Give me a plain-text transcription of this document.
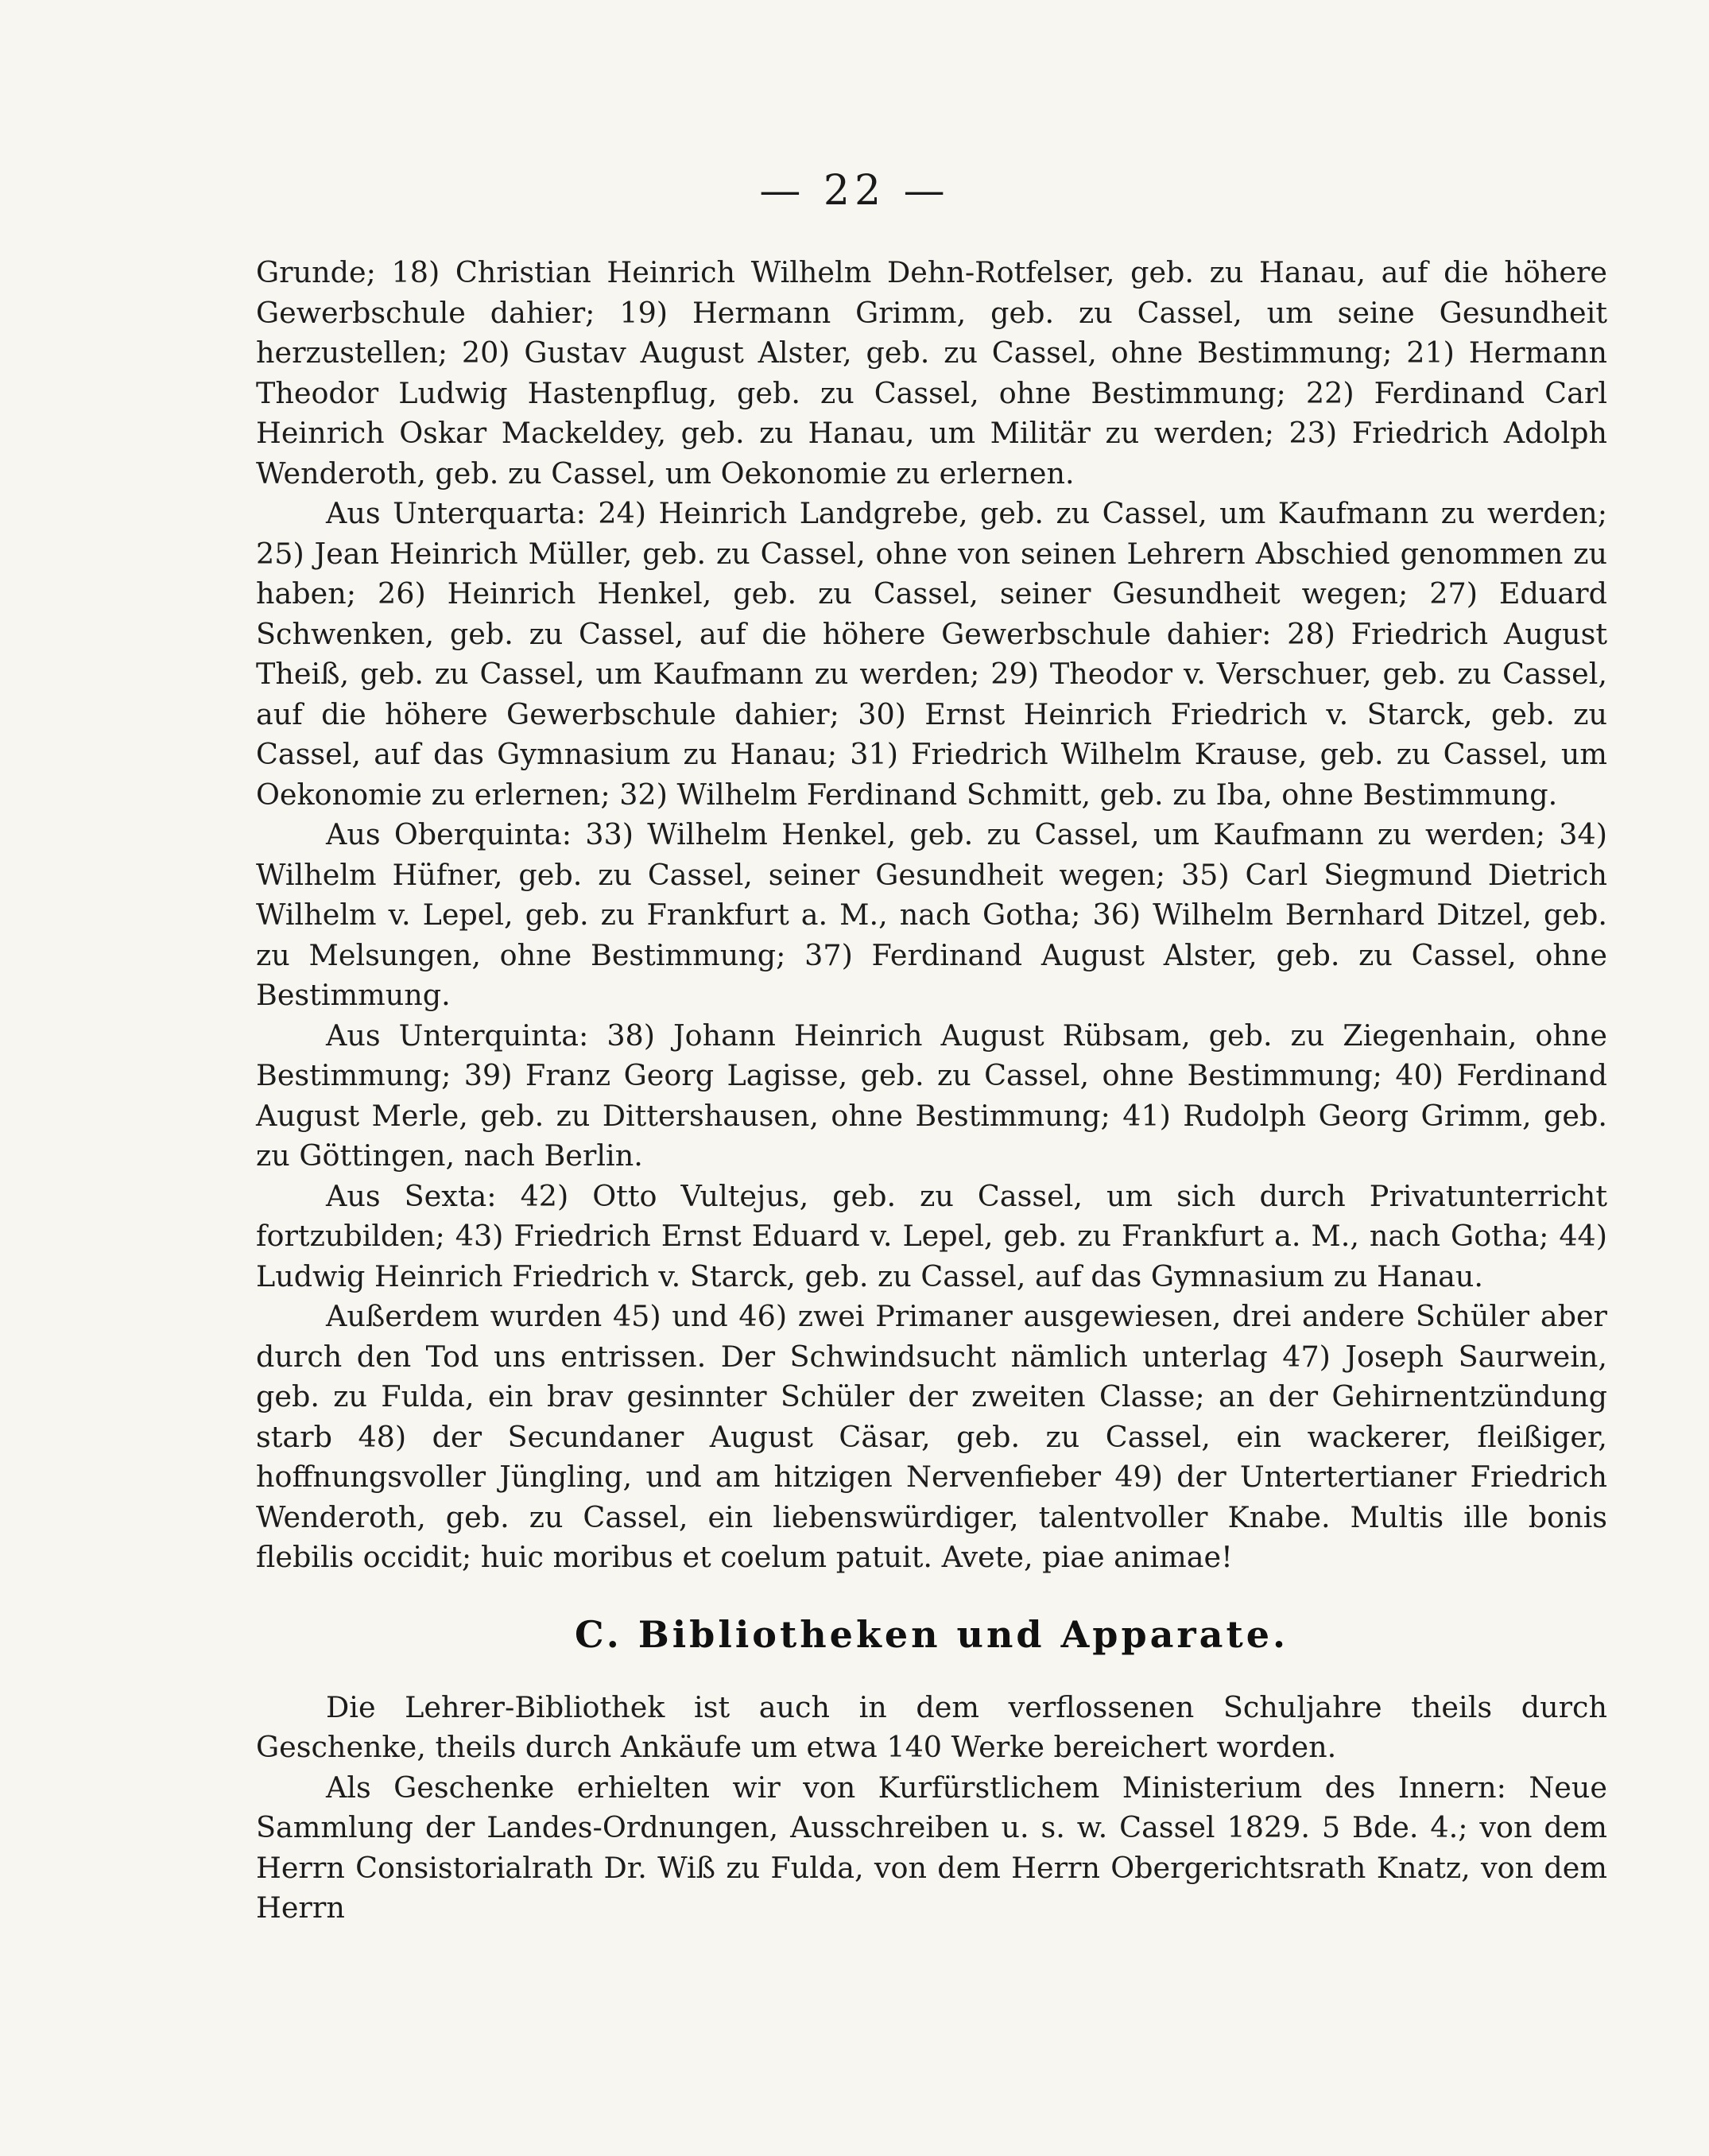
— 22 —

Grunde; 18) Christian Heinrich Wilhelm Dehn-Rotfelser, geb. zu Hanau, auf die höhere Gewerbschule dahier; 19) Hermann Grimm, geb. zu Cassel, um seine Gesundheit herzustellen; 20) Gustav August Alster, geb. zu Cassel, ohne Bestimmung; 21) Hermann Theodor Ludwig Hastenpflug, geb. zu Cassel, ohne Bestimmung; 22) Ferdinand Carl Heinrich Oskar Mackeldey, geb. zu Hanau, um Militär zu werden; 23) Friedrich Adolph Wenderoth, geb. zu Cassel, um Oekonomie zu erlernen.

Aus Unterquarta: 24) Heinrich Landgrebe, geb. zu Cassel, um Kaufmann zu werden; 25) Jean Heinrich Müller, geb. zu Cassel, ohne von seinen Lehrern Abschied genommen zu haben; 26) Heinrich Henkel, geb. zu Cassel, seiner Gesundheit wegen; 27) Eduard Schwenken, geb. zu Cassel, auf die höhere Gewerbschule dahier: 28) Friedrich August Theiß, geb. zu Cassel, um Kaufmann zu werden; 29) Theodor v. Verschuer, geb. zu Cassel, auf die höhere Gewerbschule dahier; 30) Ernst Heinrich Friedrich v. Starck, geb. zu Cassel, auf das Gymnasium zu Hanau; 31) Friedrich Wilhelm Krause, geb. zu Cassel, um Oekonomie zu erlernen; 32) Wilhelm Ferdinand Schmitt, geb. zu Iba, ohne Bestimmung.

Aus Oberquinta: 33) Wilhelm Henkel, geb. zu Cassel, um Kaufmann zu werden; 34) Wilhelm Hüfner, geb. zu Cassel, seiner Gesundheit wegen; 35) Carl Siegmund Dietrich Wilhelm v. Lepel, geb. zu Frankfurt a. M., nach Gotha; 36) Wilhelm Bernhard Ditzel, geb. zu Melsungen, ohne Bestimmung; 37) Ferdinand August Alster, geb. zu Cassel, ohne Bestimmung.

Aus Unterquinta: 38) Johann Heinrich August Rübsam, geb. zu Ziegenhain, ohne Bestimmung; 39) Franz Georg Lagisse, geb. zu Cassel, ohne Bestimmung; 40) Ferdinand August Merle, geb. zu Dittershausen, ohne Bestimmung; 41) Rudolph Georg Grimm, geb. zu Göttingen, nach Berlin.

Aus Sexta: 42) Otto Vultejus, geb. zu Cassel, um sich durch Privatunterricht fortzubilden; 43) Friedrich Ernst Eduard v. Lepel, geb. zu Frankfurt a. M., nach Gotha; 44) Ludwig Heinrich Friedrich v. Starck, geb. zu Cassel, auf das Gymnasium zu Hanau.

Außerdem wurden 45) und 46) zwei Primaner ausgewiesen, drei andere Schüler aber durch den Tod uns entrissen. Der Schwindsucht nämlich unterlag 47) Joseph Saurwein, geb. zu Fulda, ein brav gesinnter Schüler der zweiten Classe; an der Gehirnentzündung starb 48) der Secundaner August Cäsar, geb. zu Cassel, ein wackerer, fleißiger, hoffnungsvoller Jüngling, und am hitzigen Nervenfieber 49) der Untertertianer Friedrich Wenderoth, geb. zu Cassel, ein liebenswürdiger, talentvoller Knabe. Multis ille bonis flebilis occidit; huic moribus et coelum patuit. Avete, piae animae!

C. Bibliotheken und Apparate.

Die Lehrer-Bibliothek ist auch in dem verflossenen Schuljahre theils durch Geschenke, theils durch Ankäufe um etwa 140 Werke bereichert worden.

Als Geschenke erhielten wir von Kurfürstlichem Ministerium des Innern: Neue Sammlung der Landes-Ordnungen, Ausschreiben u. s. w. Cassel 1829. 5 Bde. 4.; von dem Herrn Consistorialrath Dr. Wiß zu Fulda, von dem Herrn Obergerichtsrath Knatz, von dem Herrn
